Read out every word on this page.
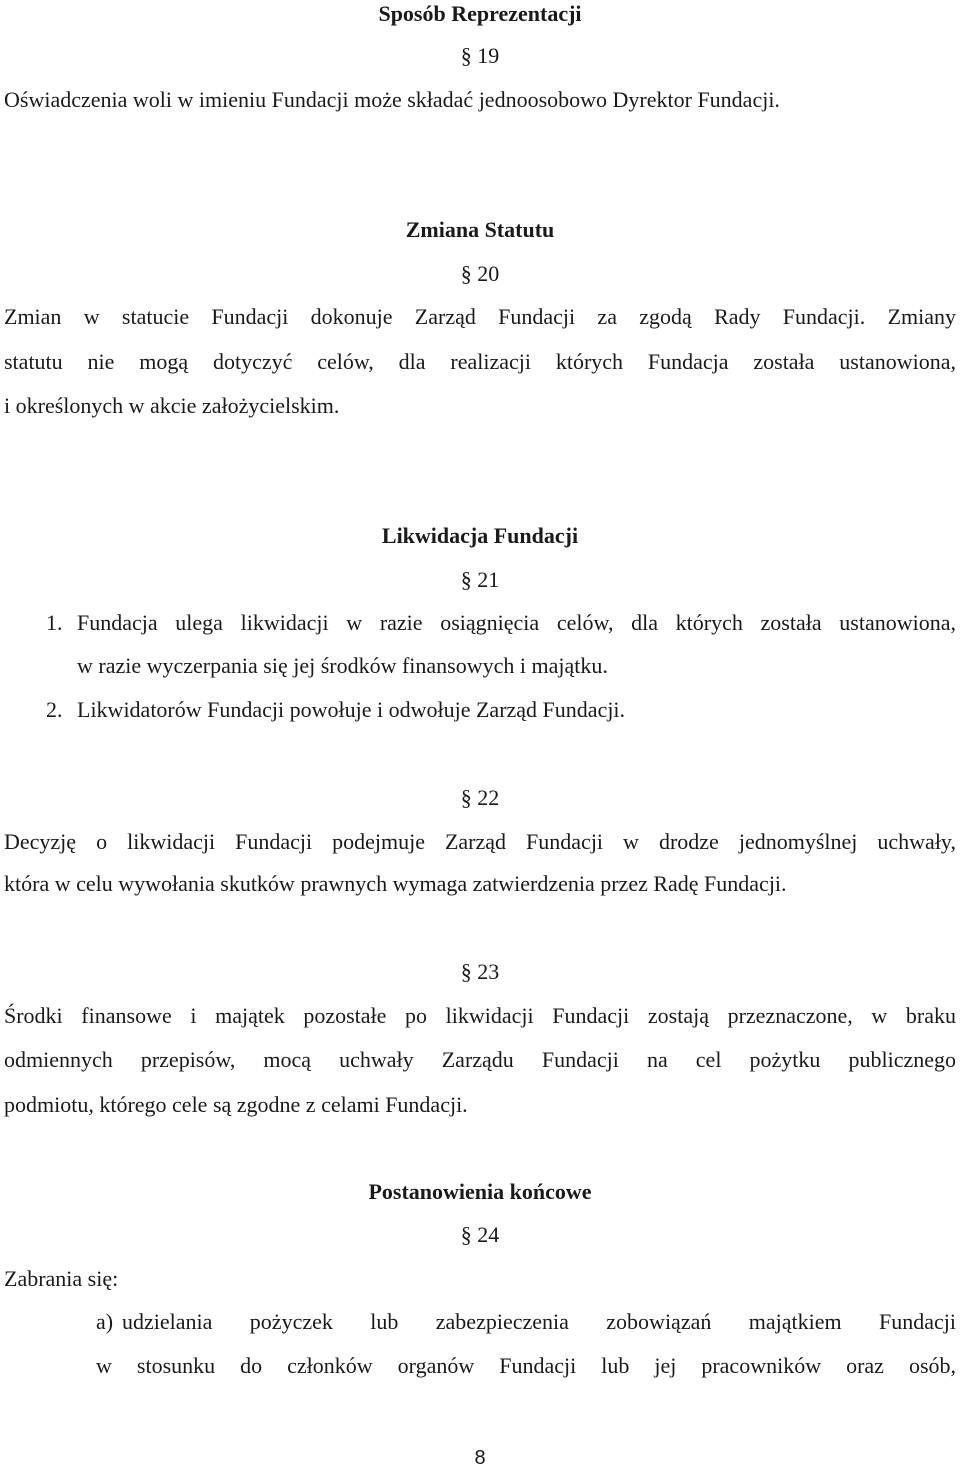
Sposób Reprezentacji
§ 19
Oświadczenia woli w imieniu Fundacji może składać jednoosobowo Dyrektor Fundacji.
Zmiana Statutu
§ 20
Zmian w statucie Fundacji dokonuje Zarząd Fundacji za zgodą Rady Fundacji. Zmiany
statutu nie mogą dotyczyć celów, dla realizacji których Fundacja została ustanowiona,
i określonych w akcie założycielskim.
Likwidacja Fundacji
§ 21
1. Fundacja ulega likwidacji w razie osiągnięcia celów, dla których została ustanowiona,
w razie wyczerpania się jej środków finansowych i majątku.
2. Likwidatorów Fundacji powołuje i odwołuje Zarząd Fundacji.
§ 22
Decyzję o likwidacji Fundacji podejmuje Zarząd Fundacji w drodze jednomyślnej uchwały,
która w celu wywołania skutków prawnych wymaga zatwierdzenia przez Radę Fundacji.
§ 23
Środki finansowe i majątek pozostałe po likwidacji Fundacji zostają przeznaczone, w braku
odmiennych przepisów, mocą uchwały Zarządu Fundacji na cel pożytku publicznego
podmiotu, którego cele są zgodne z celami Fundacji.
Postanowienia końcowe
§ 24
Zabrania się:
a) udzielania pożyczek lub zabezpieczenia zobowiązań majątkiem Fundacji
w stosunku do członków organów Fundacji lub jej pracowników oraz osób,
8
